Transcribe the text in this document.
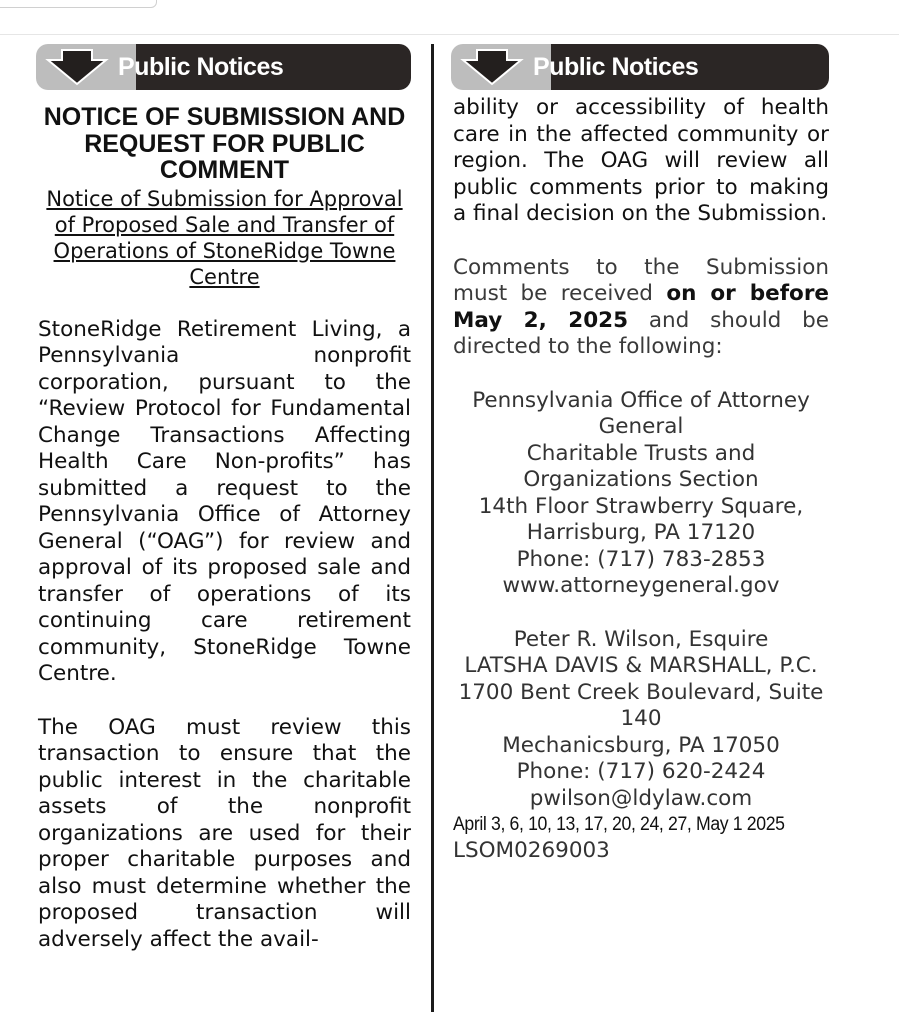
Public Notices	Public Notices

NOTICE OF SUBMISSION AND REQUEST FOR PUBLIC COMMENT

Notice of Submission for Approval of Proposed Sale and Transfer of Operations of StoneRidge Towne Centre

StoneRidge Retirement Living, a Pennsylvania nonprofit corporation, pursuant to the “Review Protocol for Fundamental Change Transactions Affecting Health Care Non-profits” has submitted a request to the Pennsylvania Office of Attorney General (“OAG”) for review and approval of its proposed sale and transfer of operations of its continuing care retirement community, StoneRidge Towne Centre.

The OAG must review this transaction to ensure that the public interest in the charitable assets of the nonprofit organizations are used for their proper charitable purposes and also must determine whether the proposed transaction will adversely affect the avail-

ability or accessibility of health care in the affected community or region. The OAG will review all public comments prior to making a final decision on the Submission.

Comments to the Submission must be received on or before May 2, 2025 and should be directed to the following:

Pennsylvania Office of Attorney General

Charitable Trusts and Organizations Section

14th Floor Strawberry Square,

Harrisburg, PA 17120

Phone: (717) 783-2853

www.attorneygeneral.gov

Peter R. Wilson, Esquire

LATSHA DAVIS & MARSHALL, P.C.

1700 Bent Creek Boulevard, Suite 140

Mechanicsburg, PA 17050

Phone: (717) 620-2424

pwilson@ldylaw.com

April 3, 6, 10, 13, 17, 20, 24, 27, May 1 2025

LSOM0269003
